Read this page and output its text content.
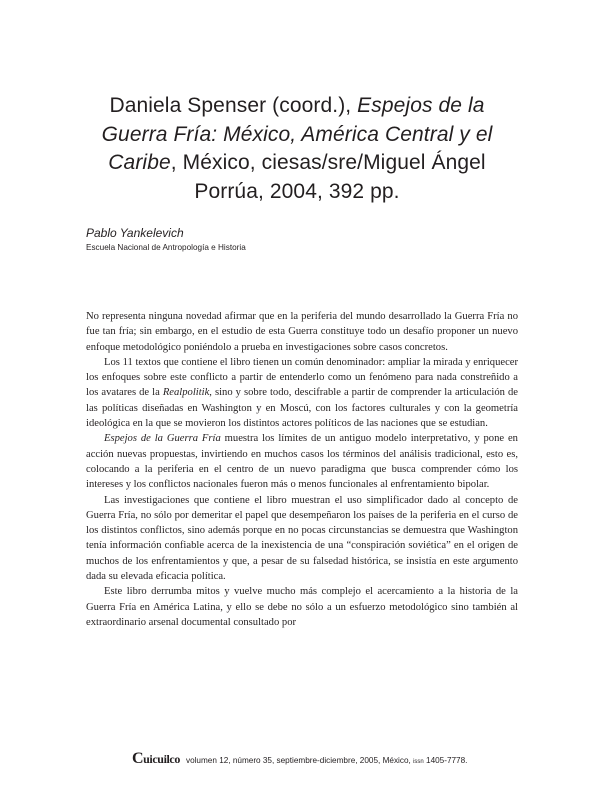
Daniela Spenser (coord.), Espejos de la
Guerra Fría: México, América Central y el
Caribe, México, ciesas/sre/Miguel Ángel
Porrúa, 2004, 392 pp.
Pablo Yankelevich
Escuela Nacional de Antropología e Historia

No representa ninguna novedad afirmar que en la periferia del mundo desarrollado la Guerra Fría no fue tan fría; sin embargo, en el estudio de esta Guerra constituye todo un desafío proponer un nuevo enfoque metodológico poniéndolo a prueba en investigaciones sobre casos concretos.

Los 11 textos que contiene el libro tienen un común denominador: ampliar la mirada y enriquecer los enfoques sobre este conflicto a partir de entenderlo como un fenómeno para nada constreñido a los avatares de la Realpolitik, sino y sobre todo, descifrable a partir de comprender la articulación de las políticas diseñadas en Washington y en Moscú, con los factores culturales y con la geometría ideológica en la que se movieron los distintos actores políticos de las naciones que se estudian.

Espejos de la Guerra Fría muestra los límites de un antiguo modelo interpretativo, y pone en acción nuevas propuestas, invirtiendo en muchos casos los términos del análisis tradicional, esto es, colocando a la periferia en el centro de un nuevo paradigma que busca comprender cómo los intereses y los conflictos nacionales fueron más o menos funcionales al enfrentamiento bipolar.

Las investigaciones que contiene el libro muestran el uso simplificador dado al concepto de Guerra Fría, no sólo por demeritar el papel que desempeñaron los países de la periferia en el curso de los distintos conflictos, sino además porque en no pocas circunstancias se demuestra que Washington tenía información confiable acerca de la inexistencia de una “conspiración soviética” en el origen de muchos de los enfrentamientos y que, a pesar de su falsedad histórica, se insistía en este argumento dada su elevada eficacia política.

Este libro derrumba mitos y vuelve mucho más complejo el acercamiento a la historia de la Guerra Fría en América Latina, y ello se debe no sólo a un esfuerzo metodológico sino también al extraordinario arsenal documental consultado por

Cuicuilco volumen 12, número 35, septiembre-diciembre, 2005, México, issn 1405-7778.
